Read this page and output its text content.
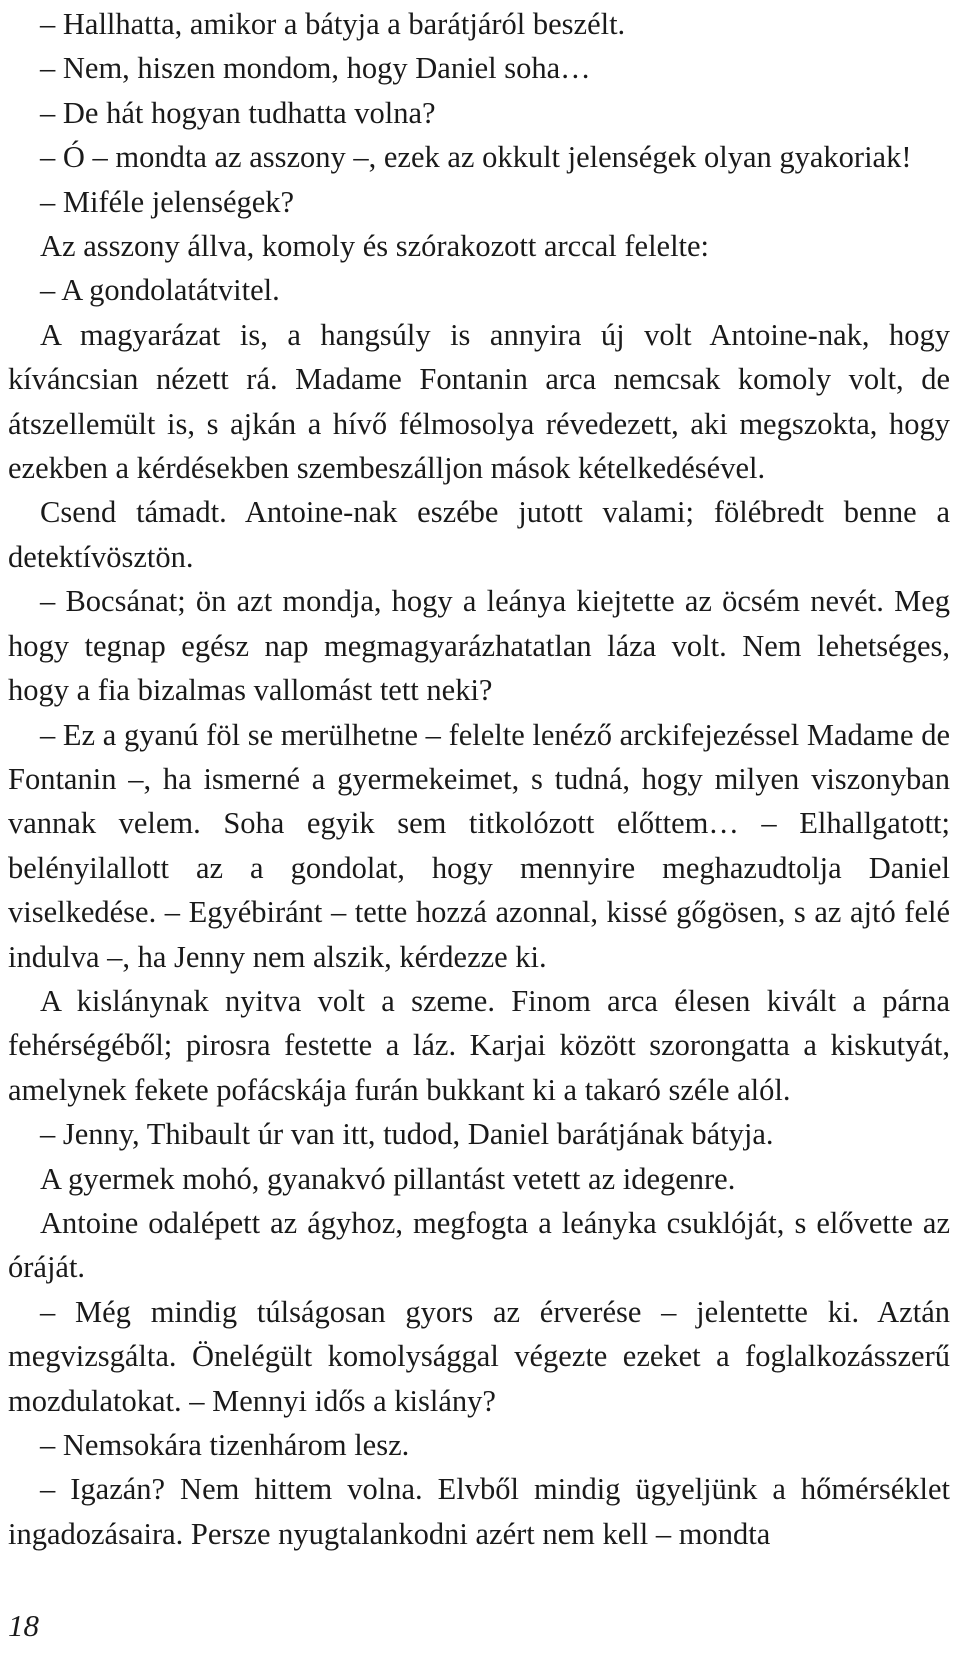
– Hallhatta, amikor a bátyja a barátjáról beszélt.

– Nem, hiszen mondom, hogy Daniel soha…

– De hát hogyan tudhatta volna?

– Ó – mondta az asszony –, ezek az okkult jelenségek olyan gyakoriak!

– Miféle jelenségek?

Az asszony állva, komoly és szórakozott arccal felelte:

– A gondolatátvitel.

A magyarázat is, a hangsúly is annyira új volt Antoine-nak, hogy kíváncsian nézett rá. Madame Fontanin arca nemcsak komoly volt, de átszellemült is, s ajkán a hívő félmosolya révedezett, aki megszokta, hogy ezekben a kérdésekben szembeszálljon mások kételkedésével.

Csend támadt. Antoine-nak eszébe jutott valami; fölébredt benne a detektívösztön.

– Bocsánat; ön azt mondja, hogy a leánya kiejtette az öcsém nevét. Meg hogy tegnap egész nap megmagyarázhatatlan láza volt. Nem lehetséges, hogy a fia bizalmas vallomást tett neki?

– Ez a gyanú föl se merülhetne – felelte lenéző arckifejezéssel Madame de Fontanin –, ha ismerné a gyermekeimet, s tudná, hogy milyen viszonyban vannak velem. Soha egyik sem titkolózott előttem… – Elhallgatott; belényilallott az a gondolat, hogy mennyire meghazudtolja Daniel viselkedése. – Egyébiránt – tette hozzá azonnal, kissé gőgösen, s az ajtó felé indulva –, ha Jenny nem alszik, kérdezze ki.

A kislánynak nyitva volt a szeme. Finom arca élesen kivált a párna fehérségéből; pirosra festette a láz. Karjai között szorongatta a kiskutyát, amelynek fekete pofácskája furán bukkant ki a takaró széle alól.

– Jenny, Thibault úr van itt, tudod, Daniel barátjának bátyja.

A gyermek mohó, gyanakvó pillantást vetett az idegenre.

Antoine odalépett az ágyhoz, megfogta a leányka csuklóját, s elővette az óráját.

– Még mindig túlságosan gyors az érverése – jelentette ki. Aztán megvizsgálta. Önelégült komolysággal végezte ezeket a foglalkozásszerű mozdulatokat. – Mennyi idős a kislány?

– Nemsokára tizenhárom lesz.

– Igazán? Nem hittem volna. Elvből mindig ügyeljünk a hőmérséklet ingadozásaira. Persze nyugtalankodni azért nem kell – mondta

18
